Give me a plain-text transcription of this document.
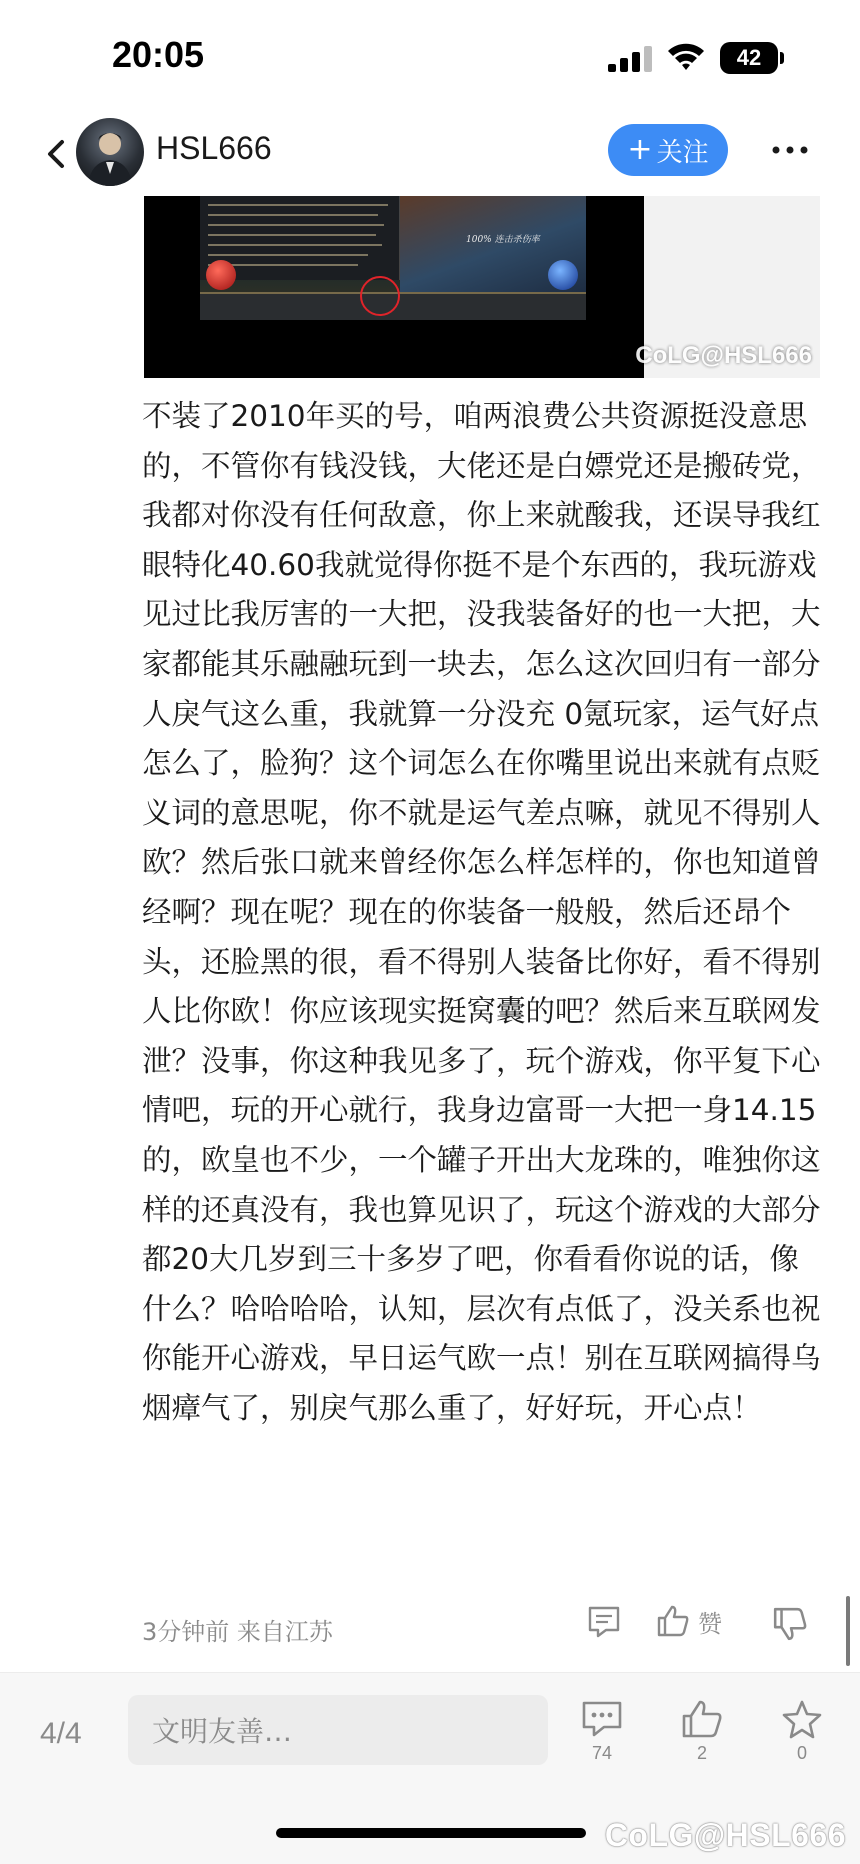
20:05	42
HSL666	+ 关注
100% 连击杀伤率
CoLG@HSL666
不装了2010年买的号，咱两浪费公共资源挺没意思的，不管你有钱没钱，大佬还是白嫖党还是搬砖党，我都对你没有任何敌意，你上来就酸我，还误导我红眼特化40.60我就觉得你挺不是个东西的，我玩游戏见过比我厉害的一大把，没我装备好的也一大把，大家都能其乐融融玩到一块去，怎么这次回归有一部分人戾气这么重，我就算一分没充 0氪玩家，运气好点怎么了，脸狗？这个词怎么在你嘴里说出来就有点贬义词的意思呢，你不就是运气差点嘛，就见不得别人欧？然后张口就来曾经你怎么样怎样的，你也知道曾经啊？现在呢？现在的你装备一般般，然后还昂个头，还脸黑的很，看不得别人装备比你好，看不得别人比你欧！你应该现实挺窝囊的吧？然后来互联网发泄？没事，你这种我见多了，玩个游戏，你平复下心情吧，玩的开心就行，我身边富哥一大把一身14.15的，欧皇也不少，一个罐子开出大龙珠的，唯独你这样的还真没有，我也算见识了，玩这个游戏的大部分都20大几岁到三十多岁了吧，你看看你说的话，像什么？哈哈哈哈，认知，层次有点低了，没关系也祝你能开心游戏，早日运气欧一点！别在互联网搞得乌烟瘴气了，别戾气那么重了，好好玩，开心点！
3分钟前 来自江苏	赞
4/4	文明友善…
74	2	0
CoLG@HSL666
